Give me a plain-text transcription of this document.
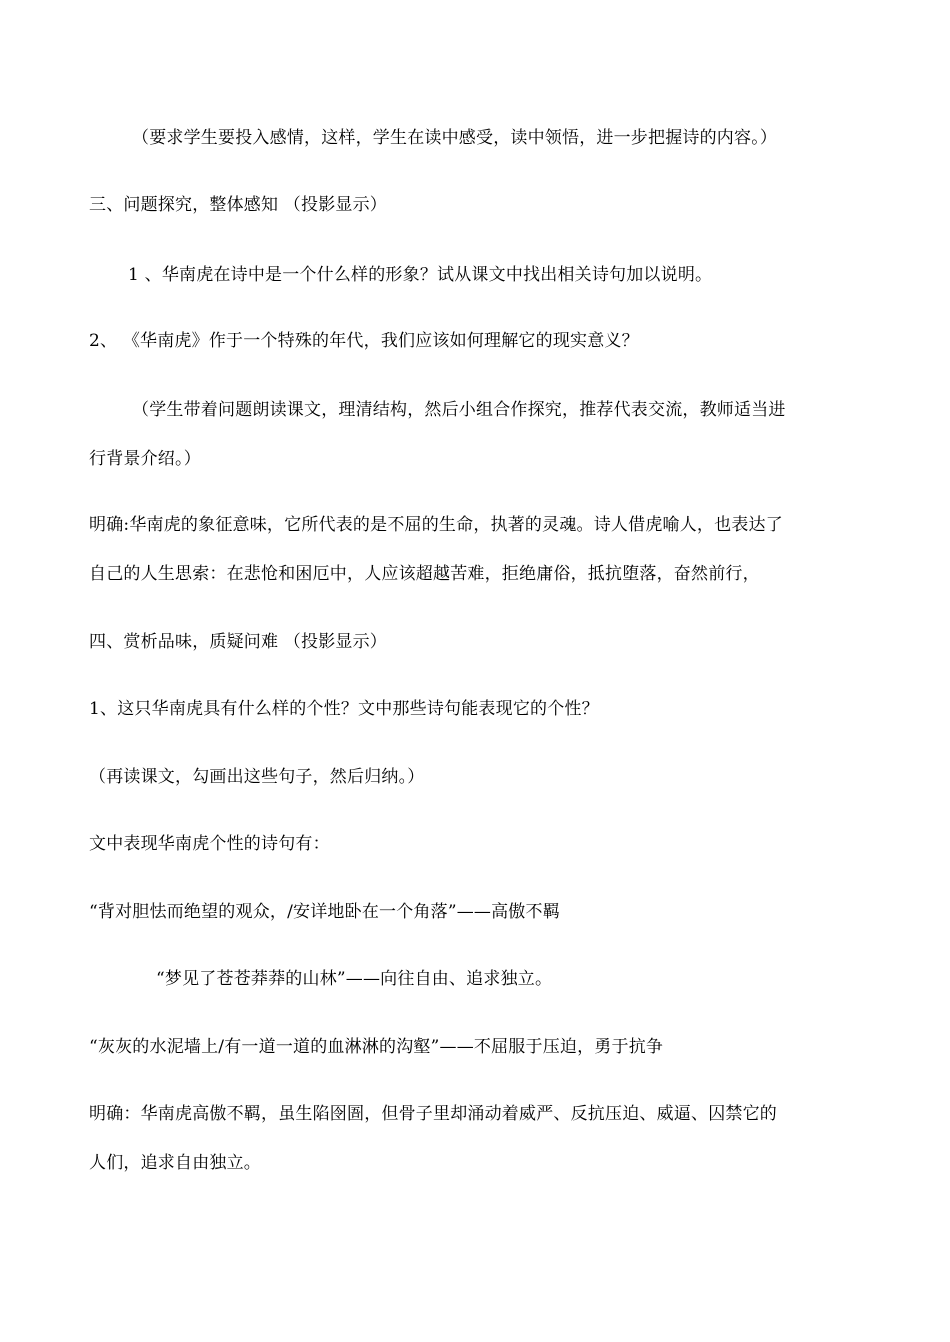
（要求学生要投入感情，这样，学生在读中感受，读中领悟，进一步把握诗的内容。）
三、问题探究，整体感知 （投影显示）
1 、华南虎在诗中是一个什么样的形象？试从课文中找出相关诗句加以说明。
2、 《华南虎》作于一个特殊的年代，我们应该如何理解它的现实意义？
（学生带着问题朗读课文，理清结构，然后小组合作探究，推荐代表交流，教师适当进
行背景介绍。）
明确:华南虎的象征意味，它所代表的是不屈的生命，执著的灵魂。诗人借虎喻人，也表达了
自己的人生思索：在悲怆和困厄中，人应该超越苦难，拒绝庸俗，抵抗堕落，奋然前行，
四、赏析品味，质疑问难 （投影显示）
1、这只华南虎具有什么样的个性？文中那些诗句能表现它的个性？
（再读课文，勾画出这些句子，然后归纳。）
文中表现华南虎个性的诗句有：
“背对胆怯而绝望的观众，/安详地卧在一个角落”——高傲不羁
“梦见了苍苍莽莽的山林”——向往自由、追求独立。
“灰灰的水泥墙上/有一道一道的血淋淋的沟壑”——不屈服于压迫，勇于抗争
明确：华南虎高傲不羁，虽生陷囹圄，但骨子里却涌动着威严、反抗压迫、威逼、囚禁它的
人们，追求自由独立。
